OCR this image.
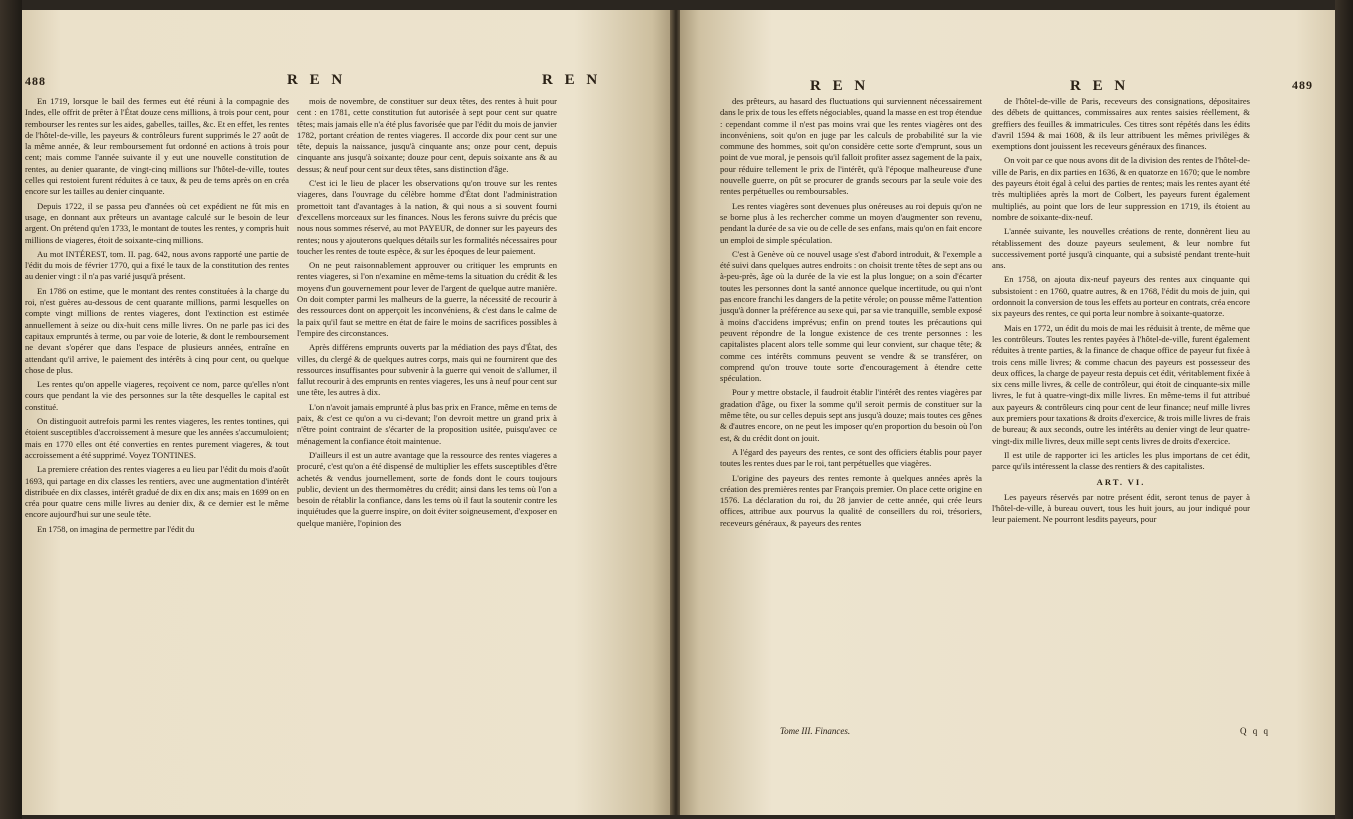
488	R E N	R E N

En 1719, lorsque le bail des fermes eut été réuni à la compagnie des Indes, elle offrit de prêter à l'État douze cens millions, à trois pour cent, pour rembourser les rentes sur les aides, gabelles, tailles, &c. Et en effet, les rentes de l'hôtel-de-ville, les payeurs & contrôleurs furent supprimés le 27 août de la même année, & leur remboursement fut ordonné en actions à trois pour cent; mais comme l'année suivante il y eut une nouvelle constitution de rentes, au denier quarante, de vingt-cinq millions sur l'hôtel-de-ville, toutes celles qui restoient furent réduites à ce taux, & peu de tems après on en créa encore sur les tailles au denier cinquante.

Depuis 1722, il se passa peu d'années où cet expédient ne fût mis en usage, en donnant aux prêteurs un avantage calculé sur le besoin de leur argent. On prétend qu'en 1733, le montant de toutes les rentes, y compris huit millions de viageres, étoit de soixante-cinq millions.

Au mot INTÉREST, tom. II. pag. 642, nous avons rapporté une partie de l'édit du mois de février 1770, qui a fixé le taux de la constitution des rentes au denier vingt : il n'a pas varié jusqu'à présent.

En 1786 on estime, que le montant des rentes constituées à la charge du roi, n'est guères au-dessous de cent quarante millions, parmi lesquelles on compte vingt millions de rentes viageres, dont l'extinction est estimée annuellement à seize ou dix-huit cens mille livres. On ne parle pas ici des capitaux empruntés à terme, ou par voie de loterie, & dont le remboursement ne devant s'opérer que dans l'espace de plusieurs années, entraîne en attendant qu'il arrive, le paiement des intérêts à cinq pour cent, ou quelque chose de plus.

Les rentes qu'on appelle viageres, reçoivent ce nom, parce qu'elles n'ont cours que pendant la vie des personnes sur la tête desquelles le capital est constitué.

On distinguoit autrefois parmi les rentes viageres, les rentes tontines, qui étoient susceptibles d'accroissement à mesure que les années s'accumuloient; mais en 1770 elles ont été converties en rentes purement viageres, & tout accroissement a été supprimé. Voyez TONTINES.

La premiere création des rentes viageres a eu lieu par l'édit du mois d'août 1693, qui partage en dix classes les rentiers, avec une augmentation d'intérêt distribuée en dix classes, intérêt gradué de dix en dix ans; mais en 1699 on en créa pour quatre cens mille livres au denier dix, & ce dernier est le même encore aujourd'hui sur une seule tête.

En 1758, on imagina de permettre par l'édit du

mois de novembre, de constituer sur deux têtes, des rentes à huit pour cent : en 1781, cette constitution fut autorisée à sept pour cent sur quatre têtes; mais jamais elle n'a été plus favorisée que par l'édit du mois de janvier 1782, portant création de rentes viageres. Il accorde dix pour cent sur une tête, depuis la naissance, jusqu'à cinquante ans; onze pour cent, depuis cinquante ans jusqu'à soixante; douze pour cent, depuis soixante ans & au dessus; & neuf pour cent sur deux têtes, sans distinction d'âge.

C'est ici le lieu de placer les observations qu'on trouve sur les rentes viageres, dans l'ouvrage du célèbre homme d'État dont l'administration promettoit tant d'avantages à la nation, & qui nous a si souvent fourni d'excellens morceaux sur les finances. Nous les ferons suivre du précis que nous nous sommes réservé, au mot PAYEUR, de donner sur les payeurs des rentes; nous y ajouterons quelques détails sur les formalités nécessaires pour toucher les rentes de toute espèce, & sur les époques de leur paiement.

On ne peut raisonnablement approuver ou critiquer les emprunts en rentes viageres, si l'on n'examine en même-tems la situation du crédit & les moyens d'un gouvernement pour lever de l'argent de quelque autre manière. On doit compter parmi les malheurs de la guerre, la nécessité de recourir à des ressources dont on apperçoit les inconvéniens, & c'est dans le calme de la paix qu'il faut se mettre en état de faire le moins de sacrifices possibles à l'empire des circonstances.

Après différens emprunts ouverts par la médiation des pays d'État, des villes, du clergé & de quelques autres corps, mais qui ne fournirent que des ressources insuffisantes pour subvenir à la guerre qui venoit de s'allumer, il fallut recourir à des emprunts en rentes viageres, les uns à neuf pour cent sur une tête, les autres à dix.

L'on n'avoit jamais emprunté à plus bas prix en France, même en tems de paix, & c'est ce qu'on a vu ci-devant; l'on devroit mettre un grand prix à n'être point contraint de s'écarter de la proposition usitée, puisqu'avec ce ménagement la confiance étoit maintenue.

D'ailleurs il est un autre avantage que la ressource des rentes viageres a procuré, c'est qu'on a été dispensé de multiplier les effets susceptibles d'être achetés & vendus journellement, sorte de fonds dont le cours toujours public, devient un des thermomètres du crédit; ainsi dans les tems où l'on a besoin de rétablir la confiance, dans les tems où il faut la soutenir contre les inquiétudes que la guerre inspire, on doit éviter soigneusement, d'exposer en quelque manière, l'opinion des

R E N	R E N	489

des prêteurs, au hasard des fluctuations qui surviennent nécessairement dans le prix de tous les effets négociables, quand la masse en est trop étendue : cependant comme il n'est pas moins vrai que les rentes viagères ont des inconvéniens, soit qu'on en juge par les calculs de probabilité sur la vie commune des hommes, soit qu'on considère cette sorte d'emprunt, sous un point de vue moral, je pensois qu'il falloit profiter assez sagement de la paix, pour réduire tellement le prix de l'intérêt, qu'à l'époque malheureuse d'une nouvelle guerre, on pût se procurer de grands secours par la seule voie des rentes perpétuelles ou remboursables.

Les rentes viagères sont devenues plus onéreuses au roi depuis qu'on ne se borne plus à les rechercher comme un moyen d'augmenter son revenu, pendant la durée de sa vie ou de celle de ses enfans, mais qu'on en fait encore un emploi de simple spéculation.

C'est à Genève où ce nouvel usage s'est d'abord introduit, & l'exemple a été suivi dans quelques autres endroits : on choisit trente têtes de sept ans ou à-peu-près, âge où la durée de la vie est la plus longue; on a soin d'écarter toutes les personnes dont la santé annonce quelque incertitude, ou qui n'ont pas encore franchi les dangers de la petite vérole; on pousse même l'attention jusqu'à donner la préférence au sexe qui, par sa vie tranquille, semble exposé à moins d'accidens imprévus; enfin on prend toutes les précautions qui peuvent répondre de la longue existence de ces trente personnes : les capitalistes placent alors telle somme qui leur convient, sur chaque tête; & comme ces intérêts communs peuvent se vendre & se transférer, on comprend qu'on trouve toute sorte d'encouragement à étendre cette spéculation.

Pour y mettre obstacle, il faudroit établir l'intérêt des rentes viagères par gradation d'âge, ou fixer la somme qu'il seroit permis de constituer sur la même tête, ou sur celles depuis sept ans jusqu'à douze; mais toutes ces gênes & d'autres encore, on ne peut les imposer qu'en proportion du besoin où l'on est, & du crédit dont on jouit.

A l'égard des payeurs des rentes, ce sont des officiers établis pour payer toutes les rentes dues par le roi, tant perpétuelles que viagères.

L'origine des payeurs des rentes remonte à quelques années après la création des premières rentes par François premier. On place cette origine en 1576. La déclaration du roi, du 28 janvier de cette année, qui crée leurs offices, attribue aux pourvus la qualité de conseillers du roi, trésoriers, receveurs généraux, & payeurs des rentes

Tome III. Finances.

de l'hôtel-de-ville de Paris, receveurs des consignations, dépositaires des débets de quittances, commissaires aux rentes saisies réellement, & greffiers des feuilles & immatricules. Ces titres sont répétés dans les édits d'avril 1594 & mai 1608, & ils leur attribuent les mêmes privilèges & exemptions dont jouissent les receveurs généraux des finances.

On voit par ce que nous avons dit de la division des rentes de l'hôtel-de-ville de Paris, en dix parties en 1636, & en quatorze en 1670; que le nombre des payeurs étoit égal à celui des parties de rentes; mais les rentes ayant été très multipliées après la mort de Colbert, les payeurs furent également multipliés, au point que lors de leur suppression en 1719, ils étoient au nombre de soixante-dix-neuf.

L'année suivante, les nouvelles créations de rente, donnèrent lieu au rétablissement des douze payeurs seulement, & leur nombre fut successivement porté jusqu'à cinquante, qui a subsisté pendant trente-huit ans.

En 1758, on ajouta dix-neuf payeurs des rentes aux cinquante qui subsistoient : en 1760, quatre autres, & en 1768, l'édit du mois de juin, qui ordonnoit la conversion de tous les effets au porteur en contrats, créa encore six payeurs des rentes, ce qui porta leur nombre à soixante-quatorze.

Mais en 1772, un édit du mois de mai les réduisit à trente, de même que les contrôleurs. Toutes les rentes payées à l'hôtel-de-ville, furent également réduites à trente parties, & la finance de chaque office de payeur fut fixée à trois cens mille livres; & comme chacun des payeurs est possesseur des deux offices, la charge de payeur resta depuis cet édit, véritablement fixée à six cens mille livres, & celle de contrôleur, qui étoit de cinquante-six mille livres, le fut à quatre-vingt-dix mille livres. En même-tems il fut attribué aux payeurs & contrôleurs cinq pour cent de leur finance; neuf mille livres aux premiers pour taxations & droits d'exercice, & trois mille livres de frais de bureau; & aux seconds, outre les intérêts au denier vingt de leur quatre-vingt-dix mille livres, deux mille sept cents livres de droits d'exercice.

Il est utile de rapporter ici les articles les plus importans de cet édit, parce qu'ils intéressent la classe des rentiers & des capitalistes.

ART. VI.

Les payeurs réservés par notre présent édit, seront tenus de payer à l'hôtel-de-ville, à bureau ouvert, tous les huit jours, au jour indiqué pour leur paiement. Ne pourront lesdits payeurs, pour

Q q q
